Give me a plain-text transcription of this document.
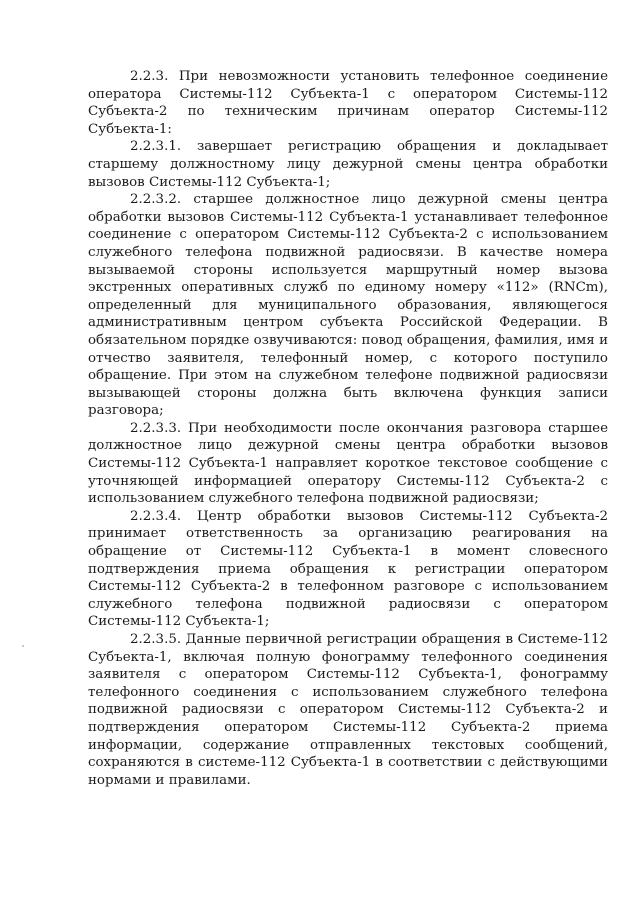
2.2.3. При невозможности установить телефонное соединение оператора Системы-112 Субъекта-1 с оператором Системы-112 Субъекта-2 по техническим причинам оператор Системы-112 Субъекта-1:

2.2.3.1. завершает регистрацию обращения и докладывает старшему должностному лицу дежурной смены центра обработки вызовов Системы-112 Субъекта-1;

2.2.3.2. старшее должностное лицо дежурной смены центра обработки вызовов Системы-112 Субъекта-1 устанавливает телефонное соединение с оператором Системы-112 Субъекта-2 с использованием служебного телефона подвижной радиосвязи. В качестве номера вызываемой стороны используется маршрутный номер вызова экстренных оперативных служб по единому номеру «112» (RNCm), определенный для муниципального образования, являющегося административным центром субъекта Российской Федерации. В обязательном порядке озвучиваются: повод обращения, фамилия, имя и отчество заявителя, телефонный номер, с которого поступило обращение. При этом на служебном телефоне подвижной радиосвязи вызывающей стороны должна быть включена функция записи разговора;

2.2.3.3. При необходимости после окончания разговора старшее должностное лицо дежурной смены центра обработки вызовов Системы-112 Субъекта-1 направляет короткое текстовое сообщение с уточняющей информацией оператору Системы-112 Субъекта-2 с использованием служебного телефона подвижной радиосвязи;

2.2.3.4. Центр обработки вызовов Системы-112 Субъекта-2 принимает ответственность за организацию реагирования на обращение от Системы-112 Субъекта-1 в момент словесного подтверждения приема обращения к регистрации оператором Системы-112 Субъекта-2 в телефонном разговоре с использованием служебного телефона подвижной радиосвязи с оператором Системы-112 Субъекта-1;

2.2.3.5. Данные первичной регистрации обращения в Системе-112 Субъекта-1, включая полную фонограмму телефонного соединения заявителя с оператором Системы-112 Субъекта-1, фонограмму телефонного соединения с использованием служебного телефона подвижной радиосвязи с оператором Системы-112 Субъекта-2 и подтверждения оператором Системы-112 Субъекта-2 приема информации, содержание отправленных текстовых сообщений, сохраняются в системе-112 Субъекта-1 в соответствии с действующими нормами и правилами.
